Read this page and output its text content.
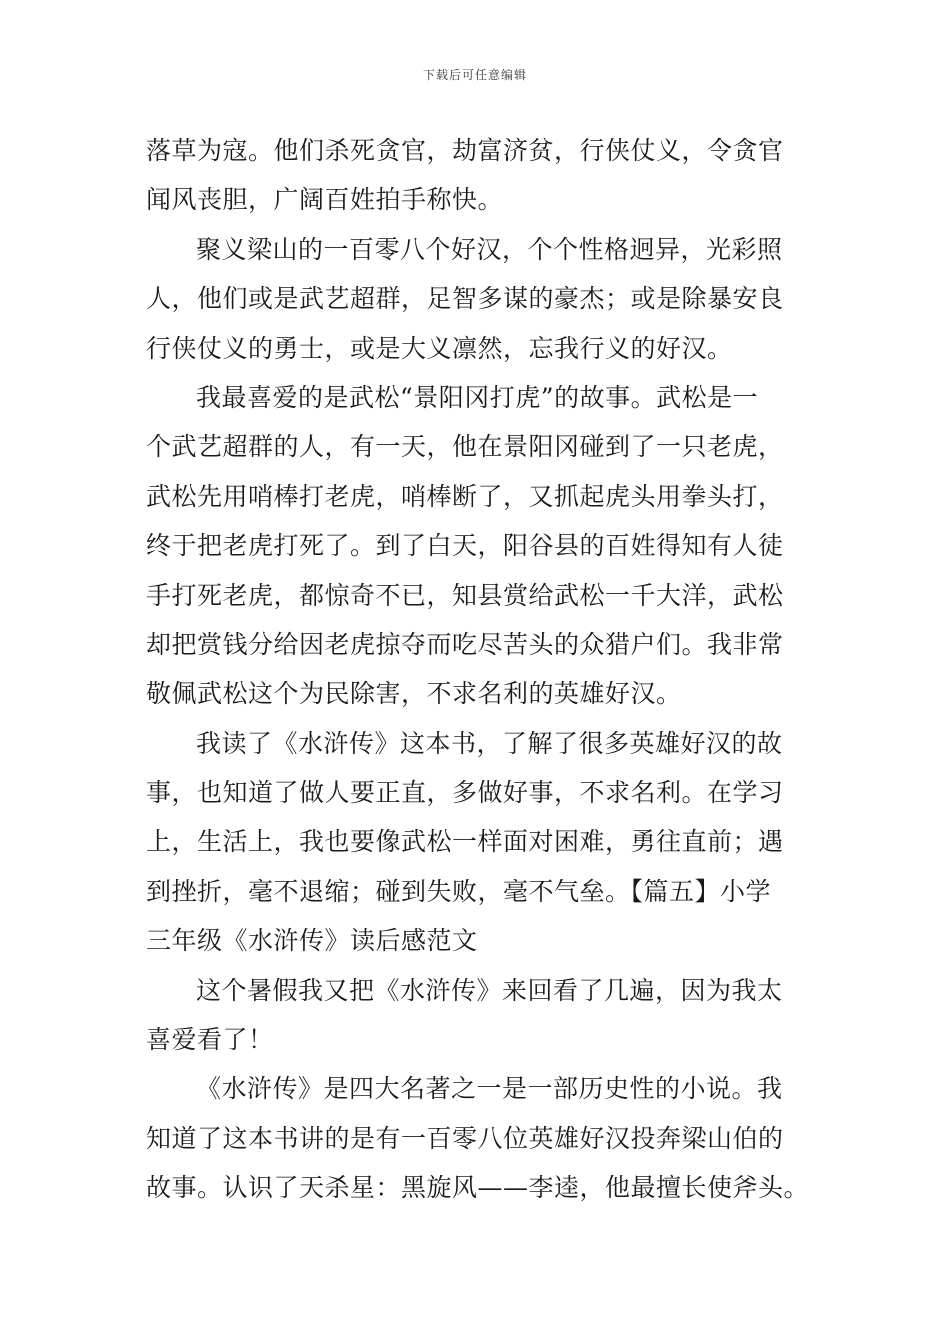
下载后可任意编辑
落草为寇。他们杀死贪官，劫富济贫，行侠仗义，令贪官
闻风丧胆，广阔百姓拍手称快。
聚义梁山的一百零八个好汉，个个性格迥异，光彩照
人，他们或是武艺超群，足智多谋的豪杰；或是除暴安良
行侠仗义的勇士，或是大义凛然，忘我行义的好汉。
我最喜爱的是武松“景阳冈打虎”的故事。武松是一
个武艺超群的人，有一天，他在景阳冈碰到了一只老虎，
武松先用哨棒打老虎，哨棒断了，又抓起虎头用拳头打，
终于把老虎打死了。到了白天，阳谷县的百姓得知有人徒
手打死老虎，都惊奇不已，知县赏给武松一千大洋，武松
却把赏钱分给因老虎掠夺而吃尽苦头的众猎户们。我非常
敬佩武松这个为民除害，不求名利的英雄好汉。
我读了《水浒传》这本书，了解了很多英雄好汉的故
事，也知道了做人要正直，多做好事，不求名利。在学习
上，生活上，我也要像武松一样面对困难，勇往直前；遇
到挫折，毫不退缩；碰到失败，毫不气垒。【篇五】小学
三年级《水浒传》读后感范文
这个暑假我又把《水浒传》来回看了几遍，因为我太
喜爱看了！
《水浒传》是四大名著之一是一部历史性的小说。我
知道了这本书讲的是有一百零八位英雄好汉投奔梁山伯的
故事。认识了天杀星：黑旋风——李逵，他最擅长使斧头。
